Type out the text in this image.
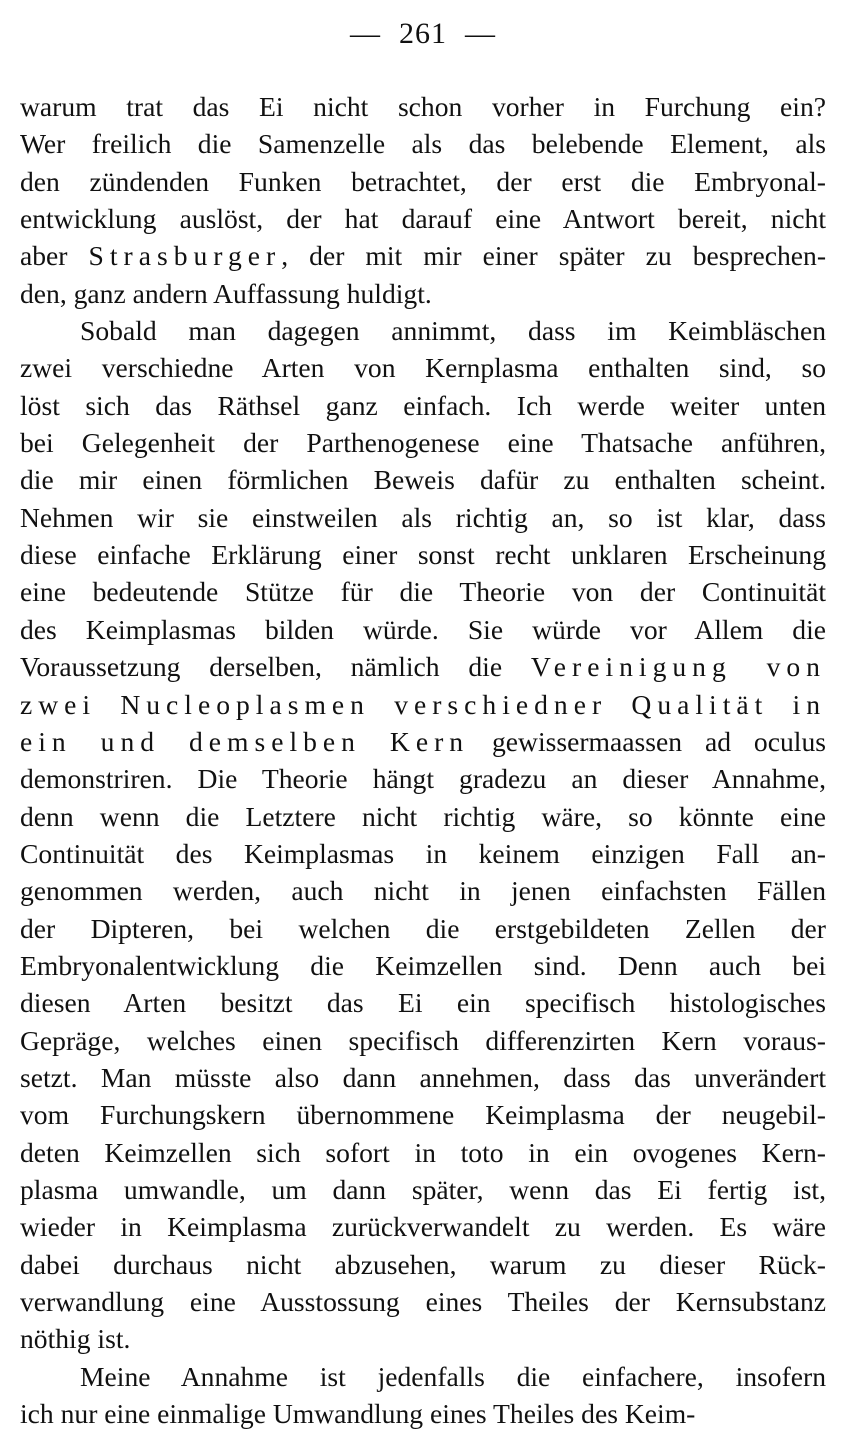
— 261 —

warum trat das Ei nicht schon vorher in Furchung ein?
Wer freilich die Samenzelle als das belebende Element, als
den zündenden Funken betrachtet, der erst die Embryonal-
entwicklung auslöst, der hat darauf eine Antwort bereit, nicht
aber Strasburger, der mit mir einer später zu besprechen-
den, ganz andern Auffassung huldigt.

Sobald man dagegen annimmt, dass im Keimbläschen
zwei verschiedne Arten von Kernplasma enthalten sind, so
löst sich das Räthsel ganz einfach. Ich werde weiter unten
bei Gelegenheit der Parthenogenese eine Thatsache anführen,
die mir einen förmlichen Beweis dafür zu enthalten scheint.
Nehmen wir sie einstweilen als richtig an, so ist klar, dass
diese einfache Erklärung einer sonst recht unklaren Erscheinung
eine bedeutende Stütze für die Theorie von der Continuität
des Keimplasmas bilden würde. Sie würde vor Allem die
Voraussetzung derselben, nämlich die Vereinigung von
zwei Nucleoplasmen verschiedner Qualität in
ein und demselben Kern gewissermaassen ad oculus
demonstriren. Die Theorie hängt gradezu an dieser Annahme,
denn wenn die Letztere nicht richtig wäre, so könnte eine
Continuität des Keimplasmas in keinem einzigen Fall an-
genommen werden, auch nicht in jenen einfachsten Fällen
der Dipteren, bei welchen die erstgebildeten Zellen der
Embryonalentwicklung die Keimzellen sind. Denn auch bei
diesen Arten besitzt das Ei ein specifisch histologisches
Gepräge, welches einen specifisch differenzirten Kern voraus-
setzt. Man müsste also dann annehmen, dass das unverändert
vom Furchungskern übernommene Keimplasma der neugebil-
deten Keimzellen sich sofort in toto in ein ovogenes Kern-
plasma umwandle, um dann später, wenn das Ei fertig ist,
wieder in Keimplasma zurückverwandelt zu werden. Es wäre
dabei durchaus nicht abzusehen, warum zu dieser Rück-
verwandlung eine Ausstossung eines Theiles der Kernsubstanz
nöthig ist.

Meine Annahme ist jedenfalls die einfachere, insofern
ich nur eine einmalige Umwandlung eines Theiles des Keim-
